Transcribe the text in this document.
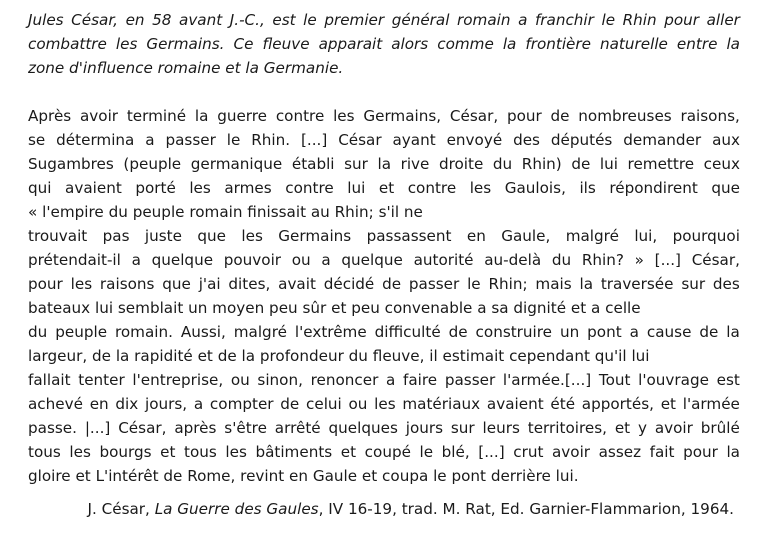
Jules César, en 58 avant J.-C., est le premier général romain a franchir le Rhin pour aller
combattre les Germains. Ce fleuve apparait alors comme la frontière naturelle entre la
zone d'influence romaine et la Germanie.
Après avoir terminé la guerre contre les Germains, César, pour de nombreuses raisons,
se détermina a passer le Rhin. [...] César ayant envoyé des députés demander aux
Sugambres (peuple germanique établi sur la rive droite du Rhin) de lui remettre ceux
qui avaient porté les armes contre lui et contre les Gaulois, ils répondirent que
« l'empire du peuple romain finissait au Rhin; s'il ne
trouvait pas juste que les Germains passassent en Gaule, malgré lui, pourquoi
prétendait-il a quelque pouvoir ou a quelque autorité au-delà du Rhin? » [...] César,
pour les raisons que j'ai dites, avait décidé de passer le Rhin; mais la traversée sur des
bateaux lui semblait un moyen peu sûr et peu convenable a sa dignité et a celle
du peuple romain. Aussi, malgré l'extrême difficulté de construire un pont a cause de la
largeur, de la rapidité et de la profondeur du fleuve, il estimait cependant qu'il lui
fallait tenter l'entreprise, ou sinon, renoncer a faire passer l'armée.[...] Tout l'ouvrage est
achevé en dix jours, a compter de celui ou les matériaux avaient été apportés, et l'armée
passe. |...] César, après s'être arrêté quelques jours sur leurs territoires, et y avoir brûlé
tous les bourgs et tous les bâtiments et coupé le blé, [...] crut avoir assez fait pour la
gloire et L'intérêt de Rome, revint en Gaule et coupa le pont derrière lui.
J. César, La Guerre des Gaules, IV 16-19, trad. M. Rat, Ed. Garnier-Flammarion, 1964.
